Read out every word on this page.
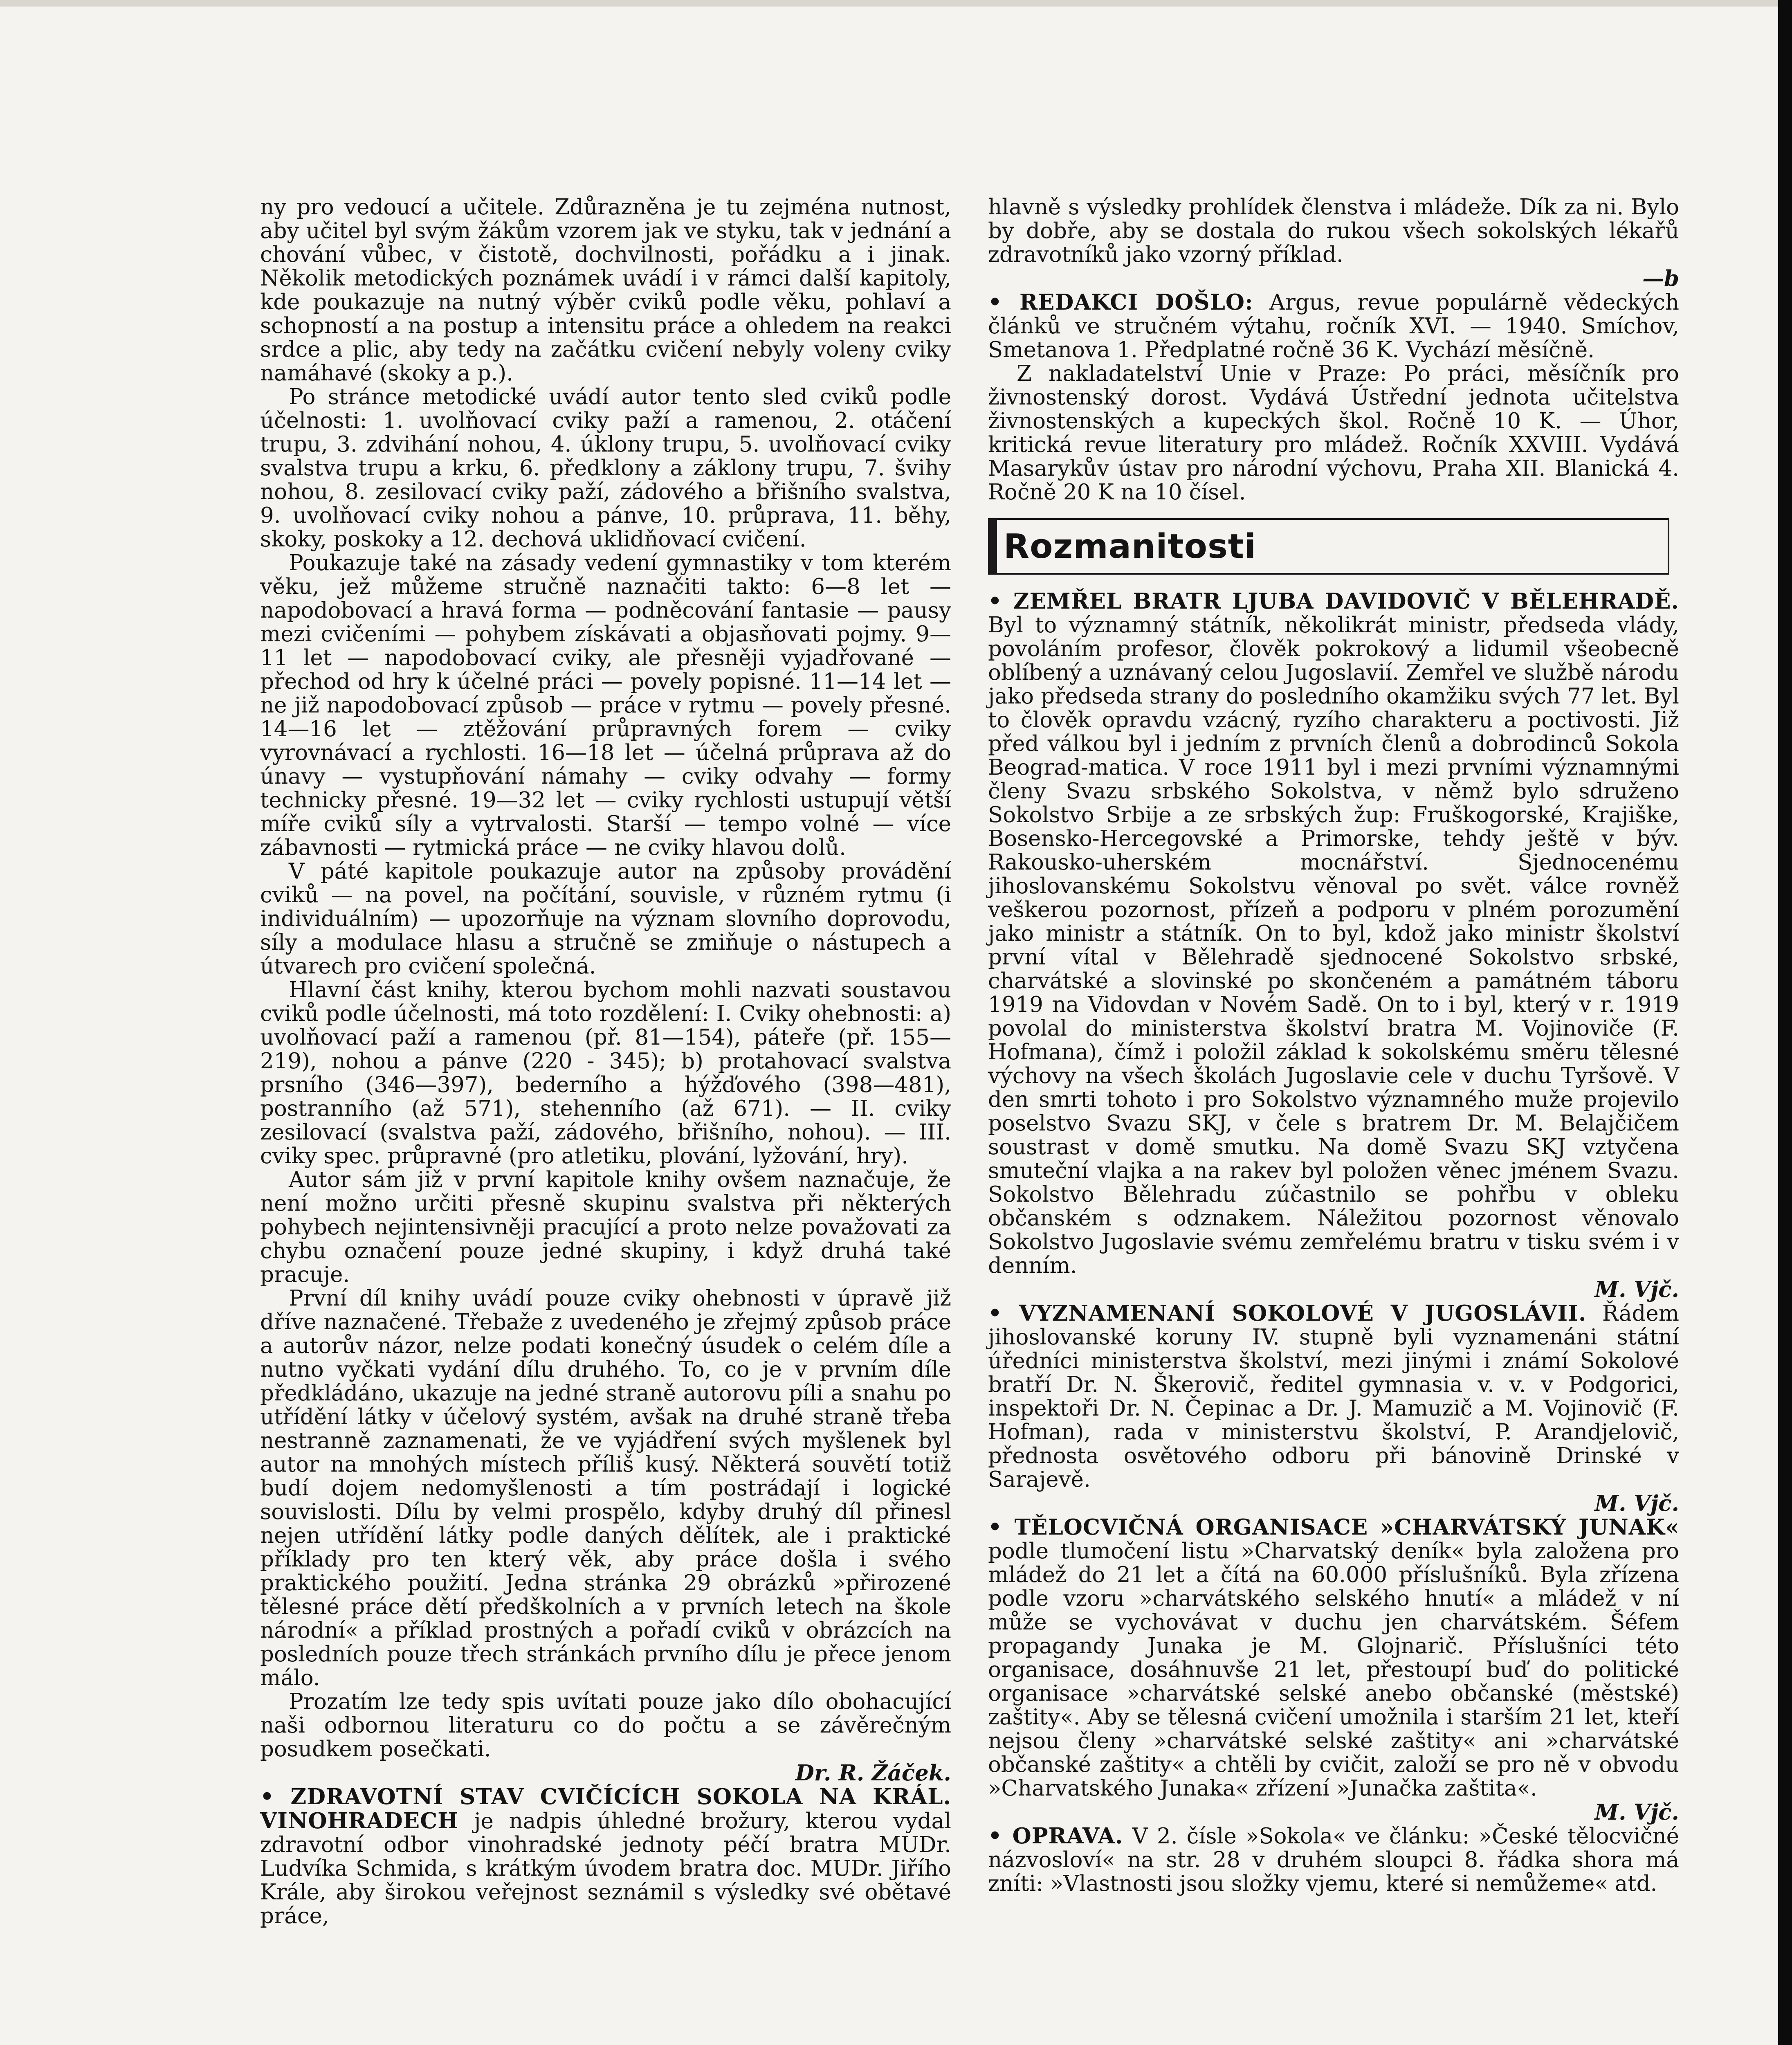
ny pro vedoucí a učitele. Zdůrazněna je tu zejména nutnost, aby učitel byl svým žákům vzorem jak ve styku, tak v jednání a chování vůbec, v čistotě, dochvilnosti, pořádku a i jinak. Několik metodických poznámek uvádí i v rámci další kapitoly, kde poukazuje na nutný výběr cviků podle věku, pohlaví a schopností a na postup a intensitu práce a ohledem na reakci srdce a plic, aby tedy na začátku cvičení nebyly voleny cviky namáhavé (skoky a p.).

Po stránce metodické uvádí autor tento sled cviků podle účelnosti: 1. uvolňovací cviky paží a ramenou, 2. otáčení trupu, 3. zdvihání nohou, 4. úklony trupu, 5. uvolňovací cviky svalstva trupu a krku, 6. předklony a záklony trupu, 7. švihy nohou, 8. zesilovací cviky paží, zádového a břišního svalstva, 9. uvolňovací cviky nohou a pánve, 10. průprava, 11. běhy, skoky, poskoky a 12. dechová uklidňovací cvičení.

Poukazuje také na zásady vedení gymnastiky v tom kterém věku, jež můžeme stručně naznačiti takto: 6—8 let — napodobovací a hravá forma — podněcování fantasie — pausy mezi cvičeními — pohybem získávati a objasňovati pojmy. 9—11 let — napodobovací cviky, ale přesněji vyjadřované — přechod od hry k účelné práci — povely popisné. 11—14 let — ne již napodobovací způsob — práce v rytmu — povely přesné. 14—16 let — ztěžování průpravných forem — cviky vyrovnávací a rychlosti. 16—18 let — účelná průprava až do únavy — vystupňování námahy — cviky odvahy — formy technicky přesné. 19—32 let — cviky rychlosti ustupují větší míře cviků síly a vytrvalosti. Starší — tempo volné — více zábavnosti — rytmická práce — ne cviky hlavou dolů.

V páté kapitole poukazuje autor na způsoby provádění cviků — na povel, na počítání, souvisle, v různém rytmu (i individuálním) — upozorňuje na význam slovního doprovodu, síly a modulace hlasu a stručně se zmiňuje o nástupech a útvarech pro cvičení společná.

Hlavní část knihy, kterou bychom mohli nazvati soustavou cviků podle účelnosti, má toto rozdělení: I. Cviky ohebnosti: a) uvolňovací paží a ramenou (př. 81—154), páteře (př. 155—219), nohou a pánve (220 - 345); b) protahovací svalstva prsního (346—397), bederního a hýžďového (398—481), postranního (až 571), stehenního (až 671). — II. cviky zesilovací (svalstva paží, zádového, břišního, nohou). — III. cviky spec. průpravné (pro atletiku, plování, lyžování, hry).

Autor sám již v první kapitole knihy ovšem naznačuje, že není možno určiti přesně skupinu svalstva při některých pohybech nejintensivněji pracující a proto nelze považovati za chybu označení pouze jedné skupiny, i když druhá také pracuje.

První díl knihy uvádí pouze cviky ohebnosti v úpravě již dříve naznačené. Třebaže z uvedeného je zřejmý způsob práce a autorův názor, nelze podati konečný úsudek o celém díle a nutno vyčkati vydání dílu druhého. To, co je v prvním díle předkládáno, ukazuje na jedné straně autorovu píli a snahu po utřídění látky v účelový systém, avšak na druhé straně třeba nestranně zaznamenati, že ve vyjádření svých myšlenek byl autor na mnohých místech příliš kusý. Některá souvětí totiž budí dojem nedomyšlenosti a tím postrádají i logické souvislosti. Dílu by velmi prospělo, kdyby druhý díl přinesl nejen utřídění látky podle daných dělítek, ale i praktické příklady pro ten který věk, aby práce došla i svého praktického použití. Jedna stránka 29 obrázků »přirozené tělesné práce dětí předškolních a v prvních letech na škole národní« a příklad prostných a pořadí cviků v obrázcích na posledních pouze třech stránkách prvního dílu je přece jenom málo.

Prozatím lze tedy spis uvítati pouze jako dílo obohacující naši odbornou literaturu co do počtu a se závěrečným posudkem posečkati.
Dr. R. Žáček.

• ZDRAVOTNÍ STAV CVIČÍCÍCH SOKOLA NA KRÁL. VINOHRADECH je nadpis úhledné brožury, kterou vydal zdravotní odbor vinohradské jednoty péčí bratra MUDr. Ludvíka Schmida, s krátkým úvodem bratra doc. MUDr. Jiřího Krále, aby širokou veřejnost seznámil s výsledky své obětavé práce,

hlavně s výsledky prohlídek členstva i mládeže. Dík za ni. Bylo by dobře, aby se dostala do rukou všech sokolských lékařů zdravotníků jako vzorný příklad.
—b

• REDAKCI DOŠLO: Argus, revue populárně vědeckých článků ve stručném výtahu, ročník XVI. — 1940. Smíchov, Smetanova 1. Předplatné ročně 36 K. Vychází měsíčně.

Z nakladatelství Unie v Praze: Po práci, měsíčník pro živnostenský dorost. Vydává Ústřední jednota učitelstva živnostenských a kupeckých škol. Ročně 10 K. — Úhor, kritická revue literatury pro mládež. Ročník XXVIII. Vydává Masarykův ústav pro národní výchovu, Praha XII. Blanická 4. Ročně 20 K na 10 čísel.

Rozmanitosti

• ZEMŘEL BRATR LJUBA DAVIDOVIČ V BĚLEHRADĚ. Byl to významný státník, několikrát ministr, předseda vlády, povoláním profesor, člověk pokrokový a lidumil všeobecně oblíbený a uznávaný celou Jugoslavií. Zemřel ve službě národu jako předseda strany do posledního okamžiku svých 77 let. Byl to člověk opravdu vzácný, ryzího charakteru a poctivosti. Již před válkou byl i jedním z prvních členů a dobrodinců Sokola Beograd-matica. V roce 1911 byl i mezi prvními významnými členy Svazu srbského Sokolstva, v němž bylo sdruženo Sokolstvo Srbije a ze srbských žup: Fruškogorské, Krajiške, Bosensko-Hercegovské a Primorske, tehdy ještě v býv. Rakousko-uherském mocnářství. Sjednocenému jihoslovanskému Sokolstvu věnoval po svět. válce rovněž veškerou pozornost, přízeň a podporu v plném porozumění jako ministr a státník. On to byl, kdož jako ministr školství první vítal v Bělehradě sjednocené Sokolstvo srbské, charvátské a slovinské po skončeném a památném táboru 1919 na Vidovdan v Novém Sadě. On to i byl, který v r. 1919 povolal do ministerstva školství bratra M. Vojinoviče (F. Hofmana), čímž i položil základ k sokolskému směru tělesné výchovy na všech školách Jugoslavie cele v duchu Tyršově. V den smrti tohoto i pro Sokolstvo významného muže projevilo poselstvo Svazu SKJ, v čele s bratrem Dr. M. Belajčičem soustrast v domě smutku. Na domě Svazu SKJ vztyčena smuteční vlajka a na rakev byl položen věnec jménem Svazu. Sokolstvo Bělehradu zúčastnilo se pohřbu v obleku občanském s odznakem. Náležitou pozornost věnovalo Sokolstvo Jugoslavie svému zemřelému bratru v tisku svém i v denním.
M. Vjč.

• VYZNAMENANÍ SOKOLOVÉ V JUGOSLÁVII. Řádem jihoslovanské koruny IV. stupně byli vyznamenáni státní úředníci ministerstva školství, mezi jinými i známí Sokolové bratří Dr. N. Škerovič, ředitel gymnasia v. v. v Podgorici, inspektoři Dr. N. Čepinac a Dr. J. Mamuzič a M. Vojinovič (F. Hofman), rada v ministerstvu školství, P. Arandjelovič, přednosta osvětového odboru při bánovině Drinské v Sarajevě.
M. Vjč.

• TĚLOCVIČNÁ ORGANISACE »CHARVÁTSKÝ JUNAK« podle tlumočení listu »Charvatský deník« byla založena pro mládež do 21 let a čítá na 60.000 příslušníků. Byla zřízena podle vzoru »charvátského selského hnutí« a mládež v ní může se vychovávat v duchu jen charvátském. Šéfem propagandy Junaka je M. Glojnarič. Příslušníci této organisace, dosáhnuvše 21 let, přestoupí buď do politické organisace »charvátské selské anebo občanské (městské) zaštity«. Aby se tělesná cvičení umožnila i starším 21 let, kteří nejsou členy »charvátské selské zaštity« ani »charvátské občanské zaštity« a chtěli by cvičit, založí se pro ně v obvodu »Charvatského Junaka« zřízení »Junačka zaštita«.
M. Vjč.

• OPRAVA. V 2. čísle »Sokola« ve článku: »České tělocvičné názvosloví« na str. 28 v druhém sloupci 8. řádka shora má zníti: »Vlastnosti jsou složky vjemu, které si nemůžeme« atd.
